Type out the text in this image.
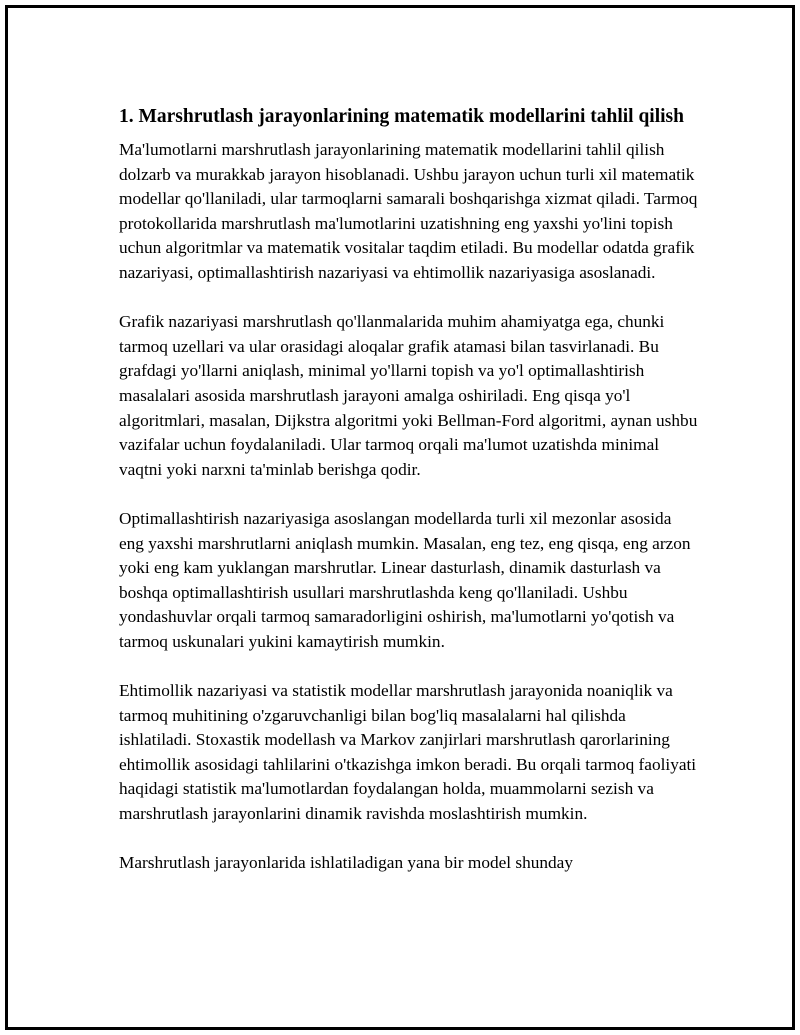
1. Marshrutlash jarayonlarining matematik modellarini tahlil qilish

Ma'lumotlarni marshrutlash jarayonlarining matematik modellarini tahlil qilish dolzarb va murakkab jarayon hisoblanadi. Ushbu jarayon uchun turli xil matematik modellar qo'llaniladi, ular tarmoqlarni samarali boshqarishga xizmat qiladi. Tarmoq protokollarida marshrutlash ma'lumotlarini uzatishning eng yaxshi yo'lini topish uchun algoritmlar va matematik vositalar taqdim etiladi. Bu modellar odatda grafik nazariyasi, optimallashtirish nazariyasi va ehtimollik nazariyasiga asoslanadi.

Grafik nazariyasi marshrutlash qo'llanmalarida muhim ahamiyatga ega, chunki tarmoq uzellari va ular orasidagi aloqalar grafik atamasi bilan tasvirlanadi. Bu grafdagi yo'llarni aniqlash, minimal yo'llarni topish va yo'l optimallashtirish masalalari asosida marshrutlash jarayoni amalga oshiriladi. Eng qisqa yo'l algoritmlari, masalan, Dijkstra algoritmi yoki Bellman-Ford algoritmi, aynan ushbu vazifalar uchun foydalaniladi. Ular tarmoq orqali ma'lumot uzatishda minimal vaqtni yoki narxni ta'minlab berishga qodir.

Optimallashtirish nazariyasiga asoslangan modellarda turli xil mezonlar asosida eng yaxshi marshrutlarni aniqlash mumkin. Masalan, eng tez, eng qisqa, eng arzon yoki eng kam yuklangan marshrutlar. Linear dasturlash, dinamik dasturlash va boshqa optimallashtirish usullari marshrutlashda keng qo'llaniladi. Ushbu yondashuvlar orqali tarmoq samaradorligini oshirish, ma'lumotlarni yo'qotish va tarmoq uskunalari yukini kamaytirish mumkin.

Ehtimollik nazariyasi va statistik modellar marshrutlash jarayonida noaniqlik va tarmoq muhitining o'zgaruvchanligi bilan bog'liq masalalarni hal qilishda ishlatiladi. Stoxastik modellash va Markov zanjirlari marshrutlash qarorlarining ehtimollik asosidagi tahlilarini o'tkazishga imkon beradi. Bu orqali tarmoq faoliyati haqidagi statistik ma'lumotlardan foydalangan holda, muammolarni sezish va marshrutlash jarayonlarini dinamik ravishda moslashtirish mumkin.

Marshrutlash jarayonlarida ishlatiladigan yana bir model shunday
